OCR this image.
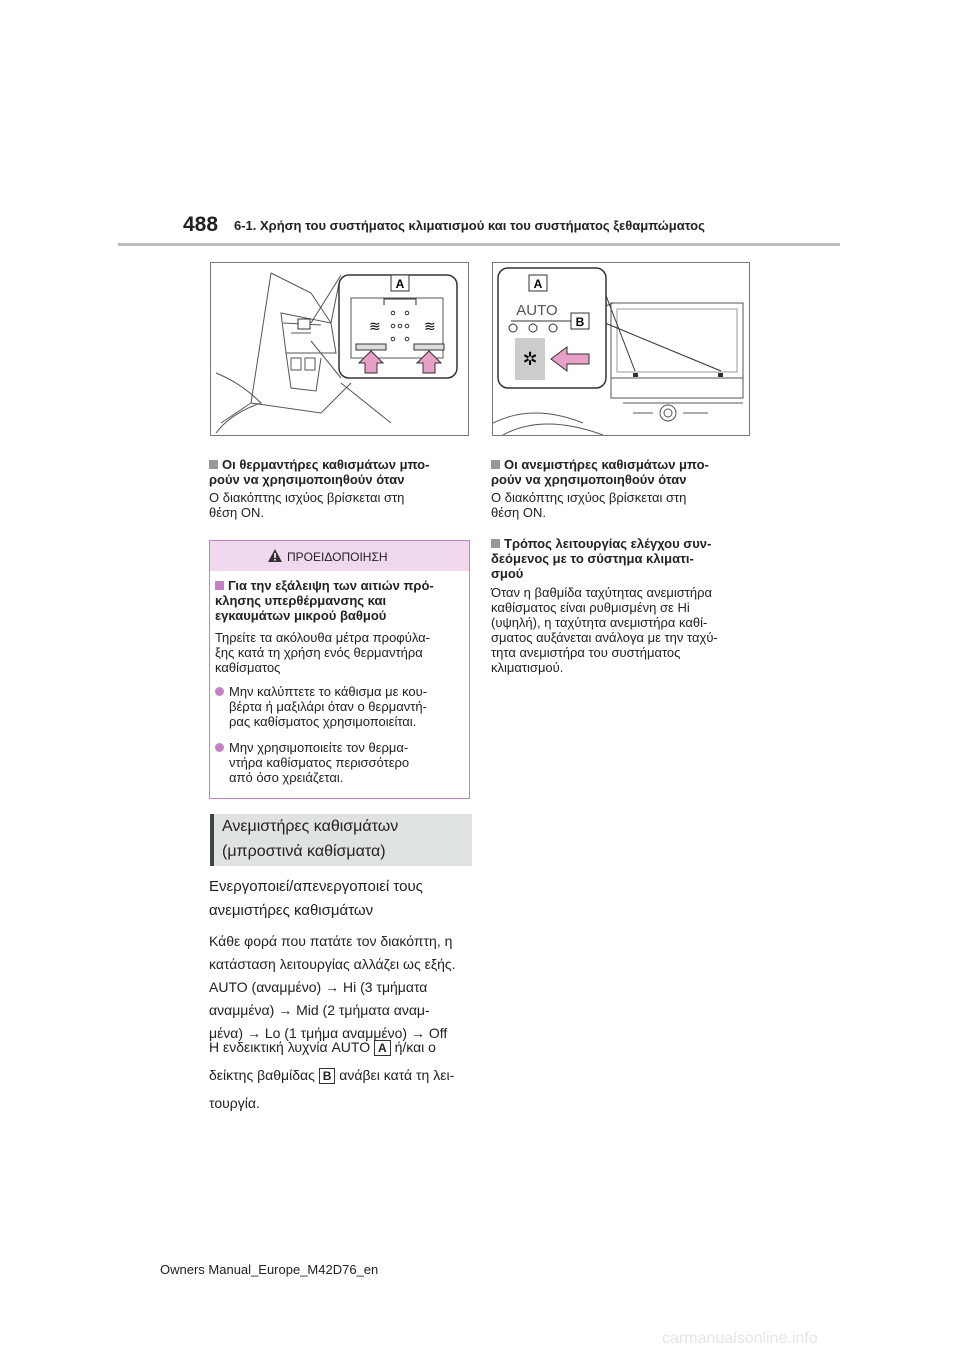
488 6-1. Χρήση του συστήματος κλιματισμού και του συστήματος ξεθαμπώματος
A
≋	≋
A
AUTO
B
✲
Οι θερμαντήρες καθισμάτων μπο-
ρούν να χρησιμοποιηθούν όταν
Ο διακόπτης ισχύος βρίσκεται στη
θέση ON.
ΠΡΟΕΙΔΟΠΟΙΗΣΗ
Για την εξάλειψη των αιτιών πρό-
κλησης υπερθέρμανσης και
εγκαυμάτων μικρού βαθμού
Τηρείτε τα ακόλουθα μέτρα προφύλα-
ξης κατά τη χρήση ενός θερμαντήρα
καθίσματος
Μην καλύπτετε το κάθισμα με κου-
βέρτα ή μαξιλάρι όταν ο θερμαντή-
ρας καθίσματος χρησιμοποιείται.
Μην χρησιμοποιείτε τον θερμα-
ντήρα καθίσματος περισσότερο
από όσο χρειάζεται.
Ανεμιστήρες καθισμάτων
(μπροστινά καθίσματα)
Ενεργοποιεί/απενεργοποιεί τους
ανεμιστήρες καθισμάτων
Κάθε φορά που πατάτε τον διακόπτη, η
κατάσταση λειτουργίας αλλάζει ως εξής.
AUTO (αναμμένο) → Hi (3 τμήματα
αναμμένα) → Mid (2 τμήματα αναμ-
μένα) → Lo (1 τμήμα αναμμένο) → Off
Η ενδεικτική λυχνία AUTO A ή/και ο
δείκτης βαθμίδας B ανάβει κατά τη λει-
τουργία.
Οι ανεμιστήρες καθισμάτων μπο-
ρούν να χρησιμοποιηθούν όταν
Ο διακόπτης ισχύος βρίσκεται στη
θέση ON.
Τρόπος λειτουργίας ελέγχου συν-
δεόμενος με το σύστημα κλιματι-
σμού
Όταν η βαθμίδα ταχύτητας ανεμιστήρα
καθίσματος είναι ρυθμισμένη σε Hi
(υψηλή), η ταχύτητα ανεμιστήρα καθί-
σματος αυξάνεται ανάλογα με την ταχύ-
τητα ανεμιστήρα του συστήματος
κλιματισμού.
Owners Manual_Europe_M42D76_en
carmanualsonline.info
